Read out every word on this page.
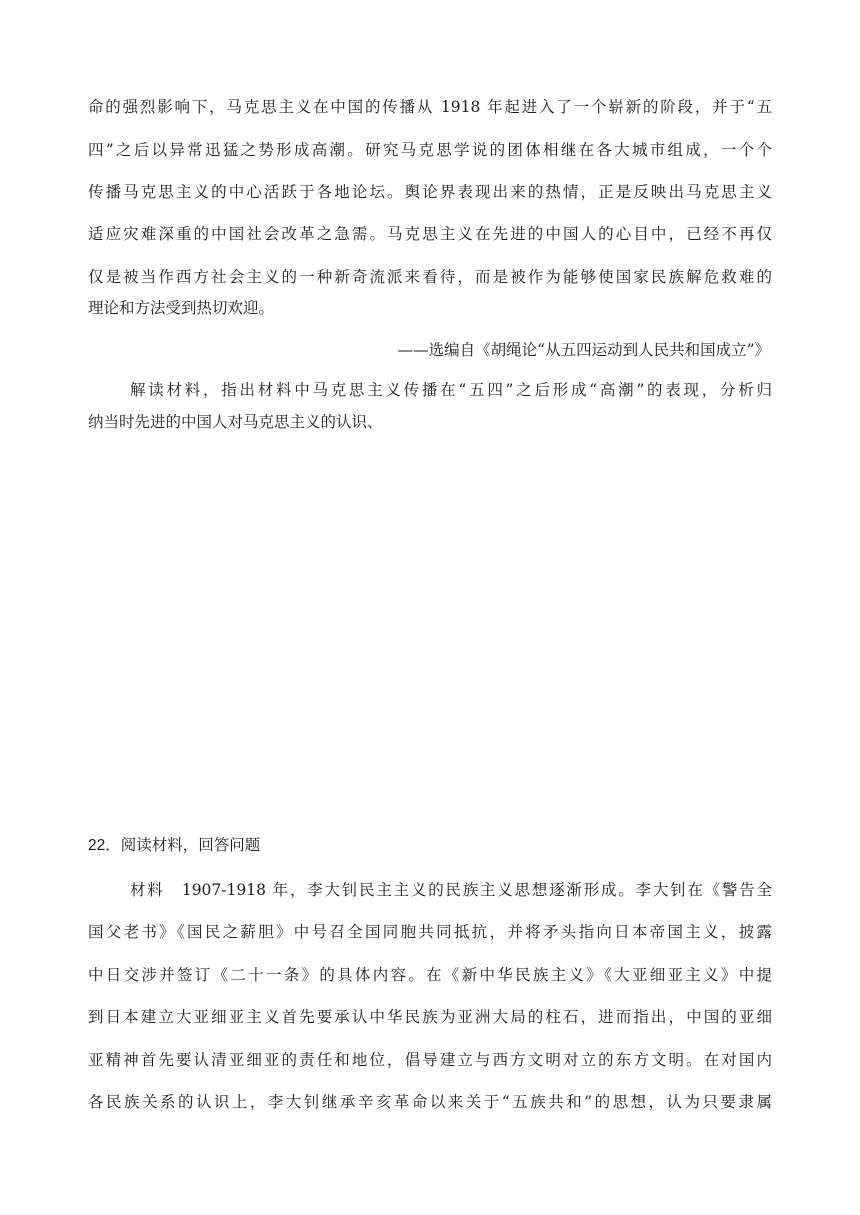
命的强烈影响下，马克思主义在中国的传播从 1918 年起进入了一个崭新的阶段，并于“五
四”之后以异常迅猛之势形成高潮。研究马克思学说的团体相继在各大城市组成，一个个
传播马克思主义的中心活跃于各地论坛。舆论界表现出来的热情，正是反映出马克思主义
适应灾难深重的中国社会改革之急需。马克思主义在先进的中国人的心目中，已经不再仅
仅是被当作西方社会主义的一种新奇流派来看待，而是被作为能够使国家民族解危救难的
理论和方法受到热切欢迎。
——选编自《胡绳论“从五四运动到人民共和国成立”》
解读材料，指出材料中马克思主义传播在“五四”之后形成“高潮”的表现，分析归
纳当时先进的中国人对马克思主义的认识、
22．阅读材料，回答问题
材料　1907-1918 年，李大钊民主主义的民族主义思想逐渐形成。李大钊在《警告全
国父老书》《国民之薪胆》中号召全国同胞共同抵抗，并将矛头指向日本帝国主义，披露
中日交涉并签订《二十一条》的具体内容。在《新中华民族主义》《大亚细亚主义》中提
到日本建立大亚细亚主义首先要承认中华民族为亚洲大局的柱石，进而指出，中国的亚细
亚精神首先要认清亚细亚的责任和地位，倡导建立与西方文明对立的东方文明。在对国内
各民族关系的认识上，李大钊继承辛亥革命以来关于“五族共和”的思想，认为只要隶属
